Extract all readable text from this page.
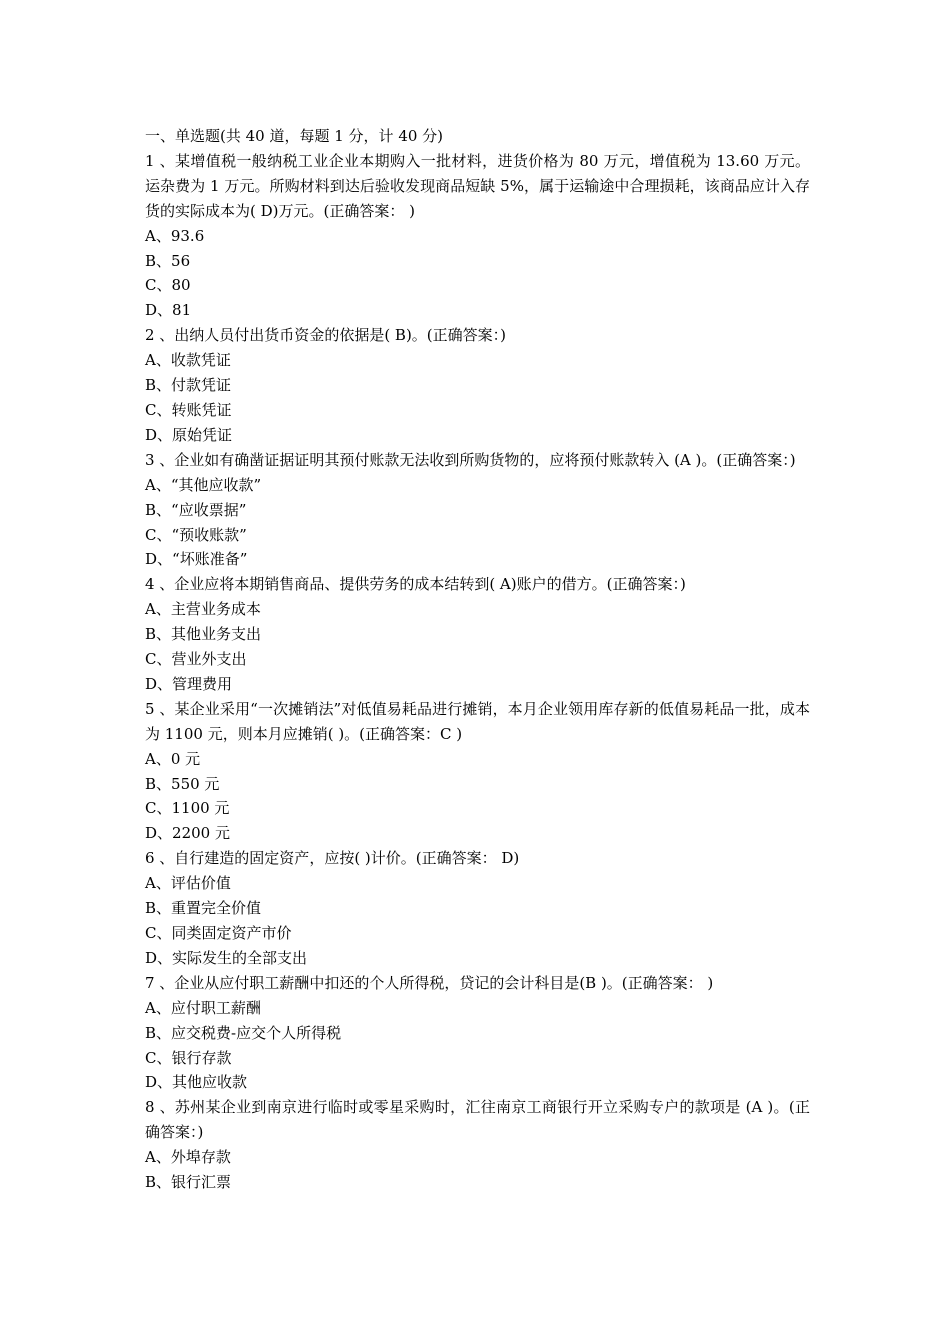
一、单选题(共 40 道，每题 1 分，计 40 分)
1 、某增值税一般纳税工业企业本期购入一批材料，进货价格为 80 万元，增值税为 13.60 万元。运杂费为 1 万元。所购材料到达后验收发现商品短缺 5%，属于运输途中合理损耗，该商品应计入存货的实际成本为( D)万元。(正确答案： )
A、93.6
B、56
C、80
D、81
2 、出纳人员付出货币资金的依据是( B)。(正确答案：)
A、收款凭证
B、付款凭证
C、转账凭证
D、原始凭证
3 、企业如有确凿证据证明其预付账款无法收到所购货物的，应将预付账款转入 (A )。(正确答案：)
A、“其他应收款”
B、“应收票据”
C、“预收账款”
D、“坏账准备”
4 、企业应将本期销售商品、提供劳务的成本结转到( A)账户的借方。(正确答案：)
A、主营业务成本
B、其他业务支出
C、营业外支出
D、管理费用
5 、某企业采用“一次摊销法”对低值易耗品进行摊销，本月企业领用库存新的低值易耗品一批，成本为 1100 元，则本月应摊销( )。(正确答案：C )
A、0 元
B、550 元
C、1100 元
D、2200 元
6 、自行建造的固定资产，应按( )计价。(正确答案： D)
A、评估价值
B、重置完全价值
C、同类固定资产市价
D、实际发生的全部支出
7 、企业从应付职工薪酬中扣还的个人所得税，贷记的会计科目是(B )。(正确答案： )
A、应付职工薪酬
B、应交税费-应交个人所得税
C、银行存款
D、其他应收款
8 、苏州某企业到南京进行临时或零星采购时，汇往南京工商银行开立采购专户的款项是 (A )。(正确答案：)
A、外埠存款
B、银行汇票
